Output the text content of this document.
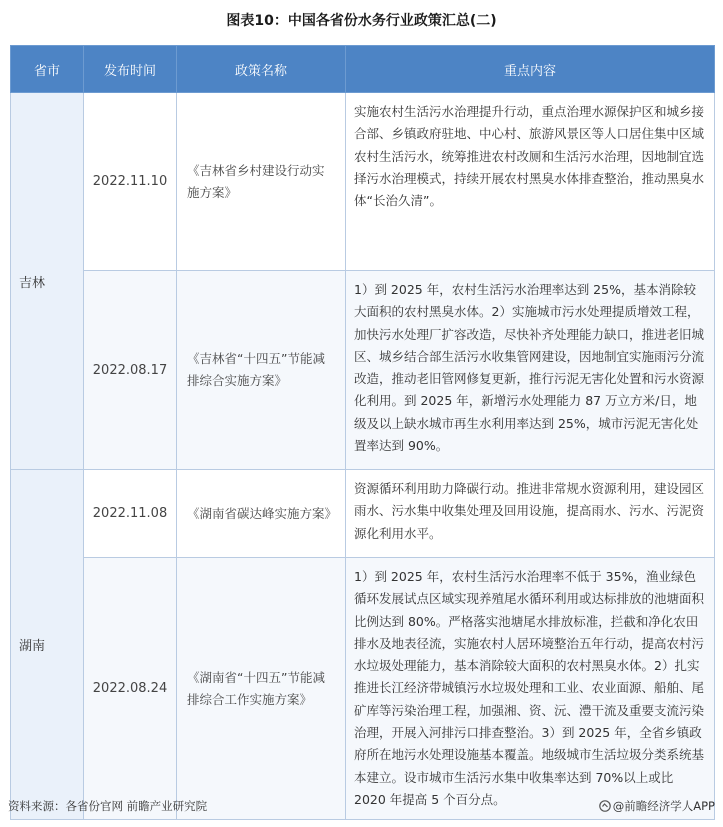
图表10：中国各省份水务行业政策汇总(二)
省市	发布时间	政策名称	重点内容
吉林	2022.11.10	《吉林省乡村建设行动实施方案》	实施农村生活污水治理提升行动，重点治理水源保护区和城乡接合部、乡镇政府驻地、中心村、旅游风景区等人口居住集中区域农村生活污水，统筹推进农村改厕和生活污水治理，因地制宜选择污水治理模式，持续开展农村黑臭水体排查整治，推动黑臭水体“长治久清”。
	2022.08.17	《吉林省“十四五”节能减排综合实施方案》	1）到 2025 年，农村生活污水治理率达到 25%，基本消除较大面积的农村黑臭水体。2）实施城市污水处理提质增效工程，加快污水处理厂扩容改造，尽快补齐处理能力缺口，推进老旧城区、城乡结合部生活污水收集管网建设，因地制宜实施雨污分流改造，推动老旧管网修复更新，推行污泥无害化处置和污水资源化利用。到 2025 年，新增污水处理能力 87 万立方米/日，地级及以上缺水城市再生水利用率达到 25%，城市污泥无害化处置率达到 90%。
湖南	2022.11.08	《湖南省碳达峰实施方案》	资源循环利用助力降碳行动。推进非常规水资源利用，建设园区雨水、污水集中收集处理及回用设施，提高雨水、污水、污泥资源化利用水平。
	2022.08.24	《湖南省“十四五”节能减排综合工作实施方案》	1）到 2025 年，农村生活污水治理率不低于 35%，渔业绿色循环发展试点区域实现养殖尾水循环利用或达标排放的池塘面积比例达到 80%。严格落实池塘尾水排放标准，拦截和净化农田排水及地表径流，实施农村人居环境整治五年行动，提高农村污水垃圾处理能力，基本消除较大面积的农村黑臭水体。2）扎实推进长江经济带城镇污水垃圾处理和工业、农业面源、船舶、尾矿库等污染治理工程，加强湘、资、沅、澧干流及重要支流污染治理，开展入河排污口排查整治。3）到 2025 年，全省乡镇政府所在地污水处理设施基本覆盖。地级城市生活垃圾分类系统基本建立。设市城市生活污水集中收集率达到 70%以上或比 2020 年提高 5 个百分点。
资料来源：各省份官网 前瞻产业研究院	@前瞻经济学人APP
